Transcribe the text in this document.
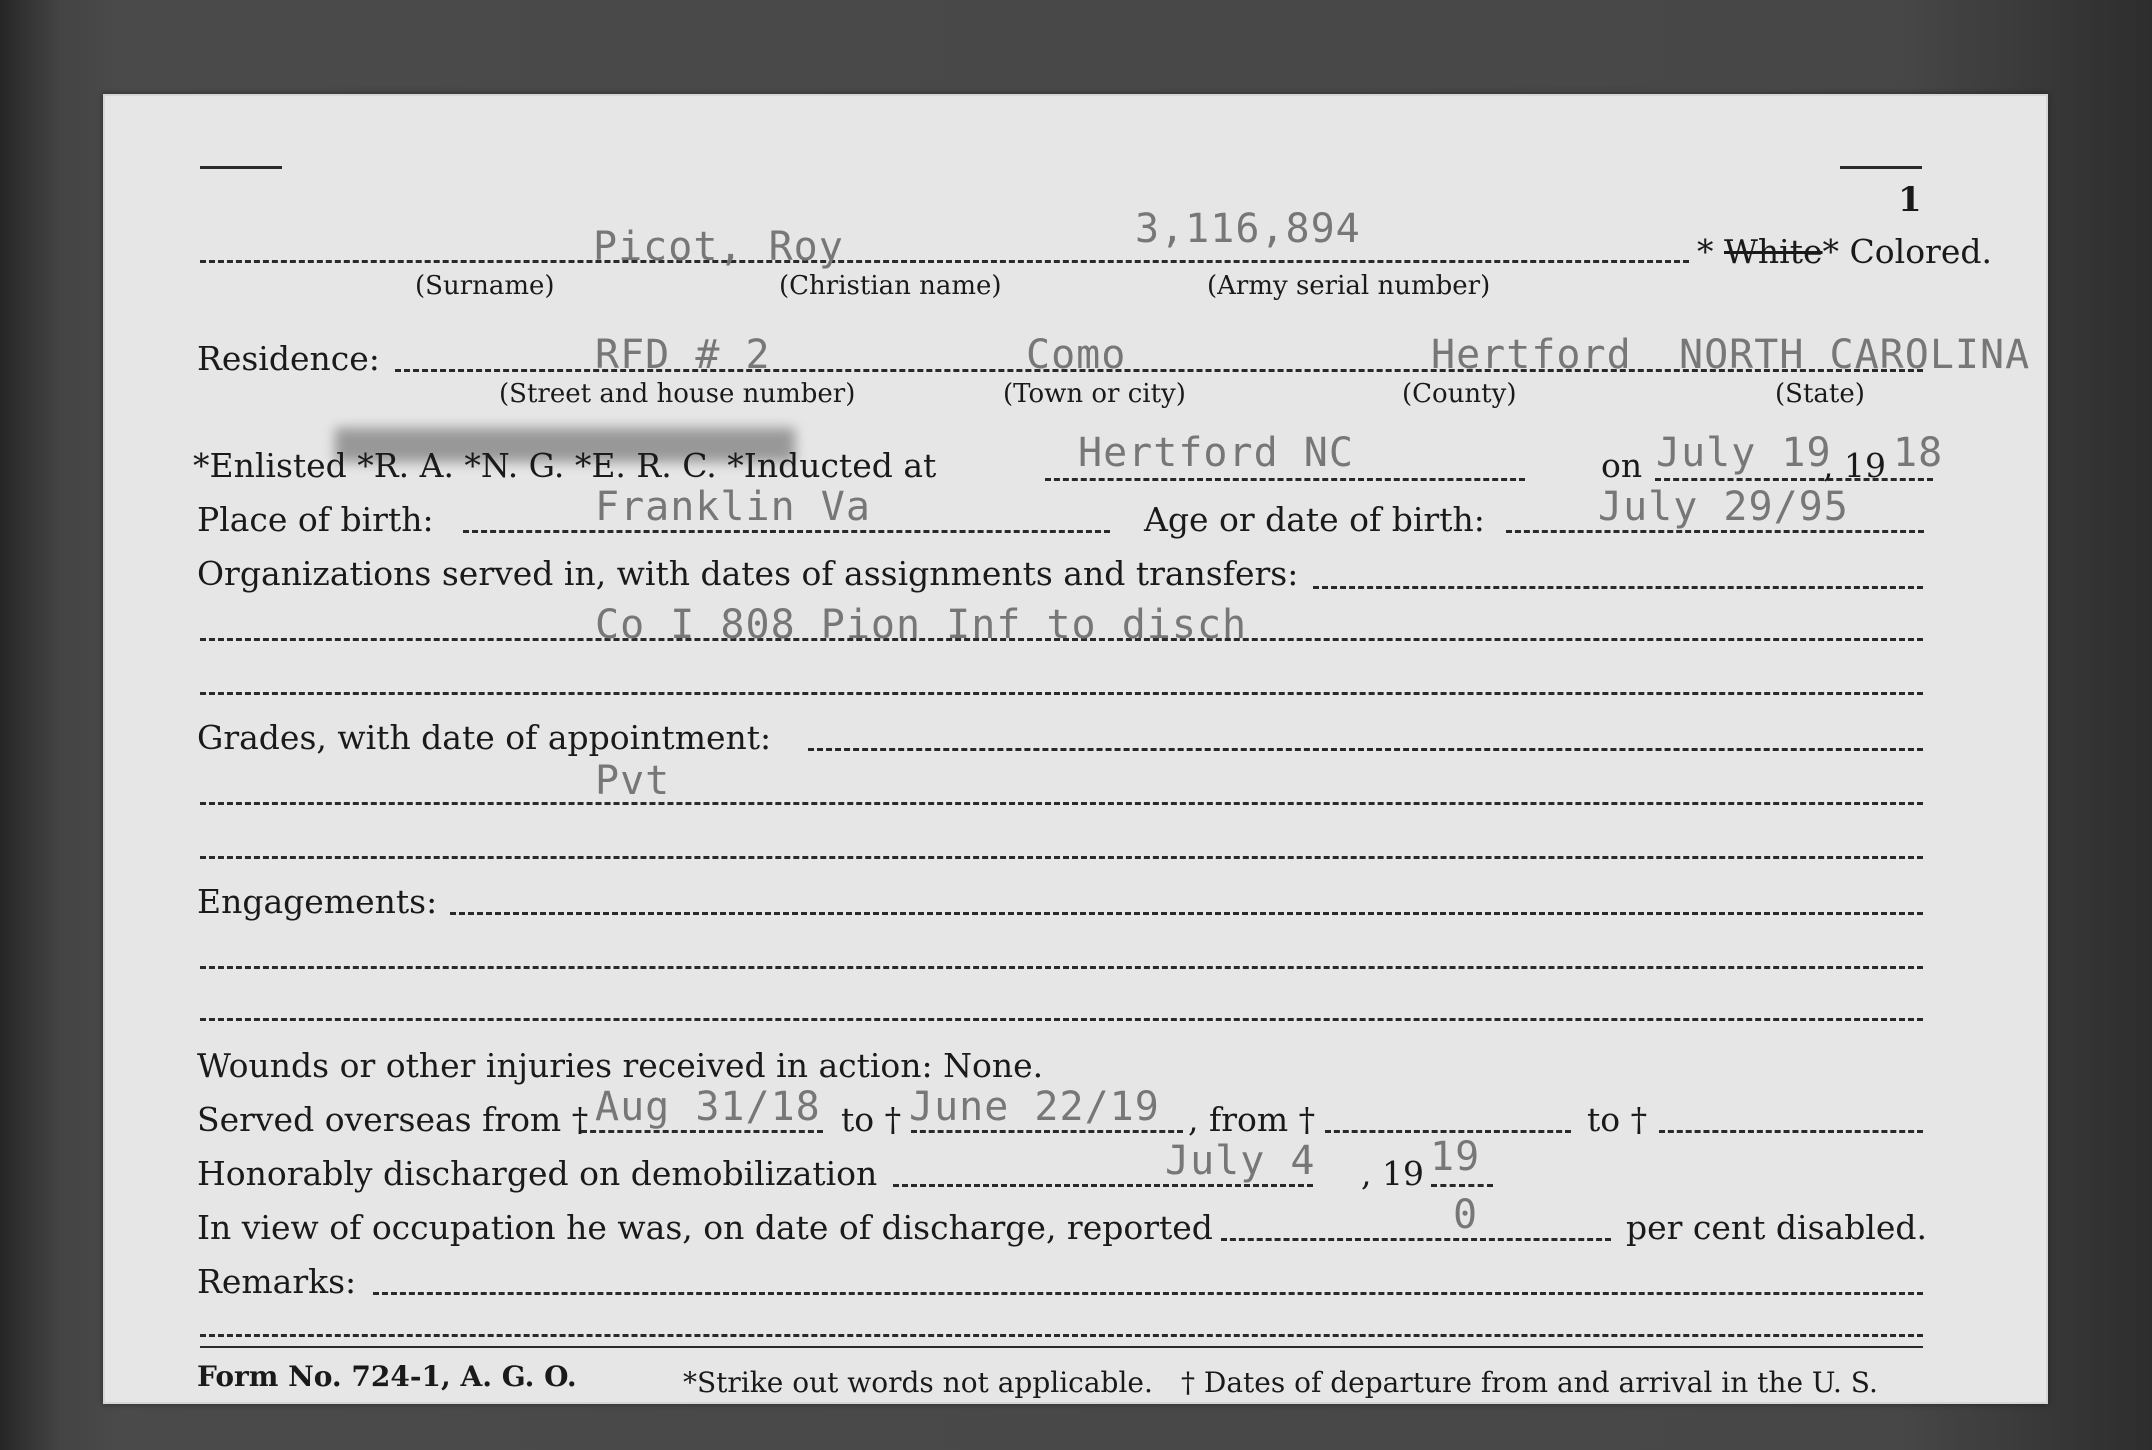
1
Picot, Roy	3,116,894	* White* Colored.
(Surname)	(Christian name)	(Army serial number)
Residence:	RFD # 2	Como	Hertford NORTH CAROLINA
(Street and house number)	(Town or city)	(County)	(State)
*Enlisted *R. A. *N. G. *E. R. C. *Inducted at	Hertford NC	on July 19
, 19 18
Place of birth:	Franklin Va	Age or date of birth:	July 29/95
Organizations served in, with dates of assignments and transfers:
Co I 808 Pion Inf to disch
Grades, with date of appointment:
Pvt
Engagements:
Wounds or other injuries received in action: None.
Served overseas from † Aug 31/18 to † June 22/19 , from †	to †
Honorably discharged on demobilization	July 4 , 19 19
In view of occupation he was, on date of discharge, reported	0	per cent disabled.
Remarks:
Form No. 724-1, A. G. O.	*Strike out words not applicable. † Dates of departure from and arrival in the U. S.
